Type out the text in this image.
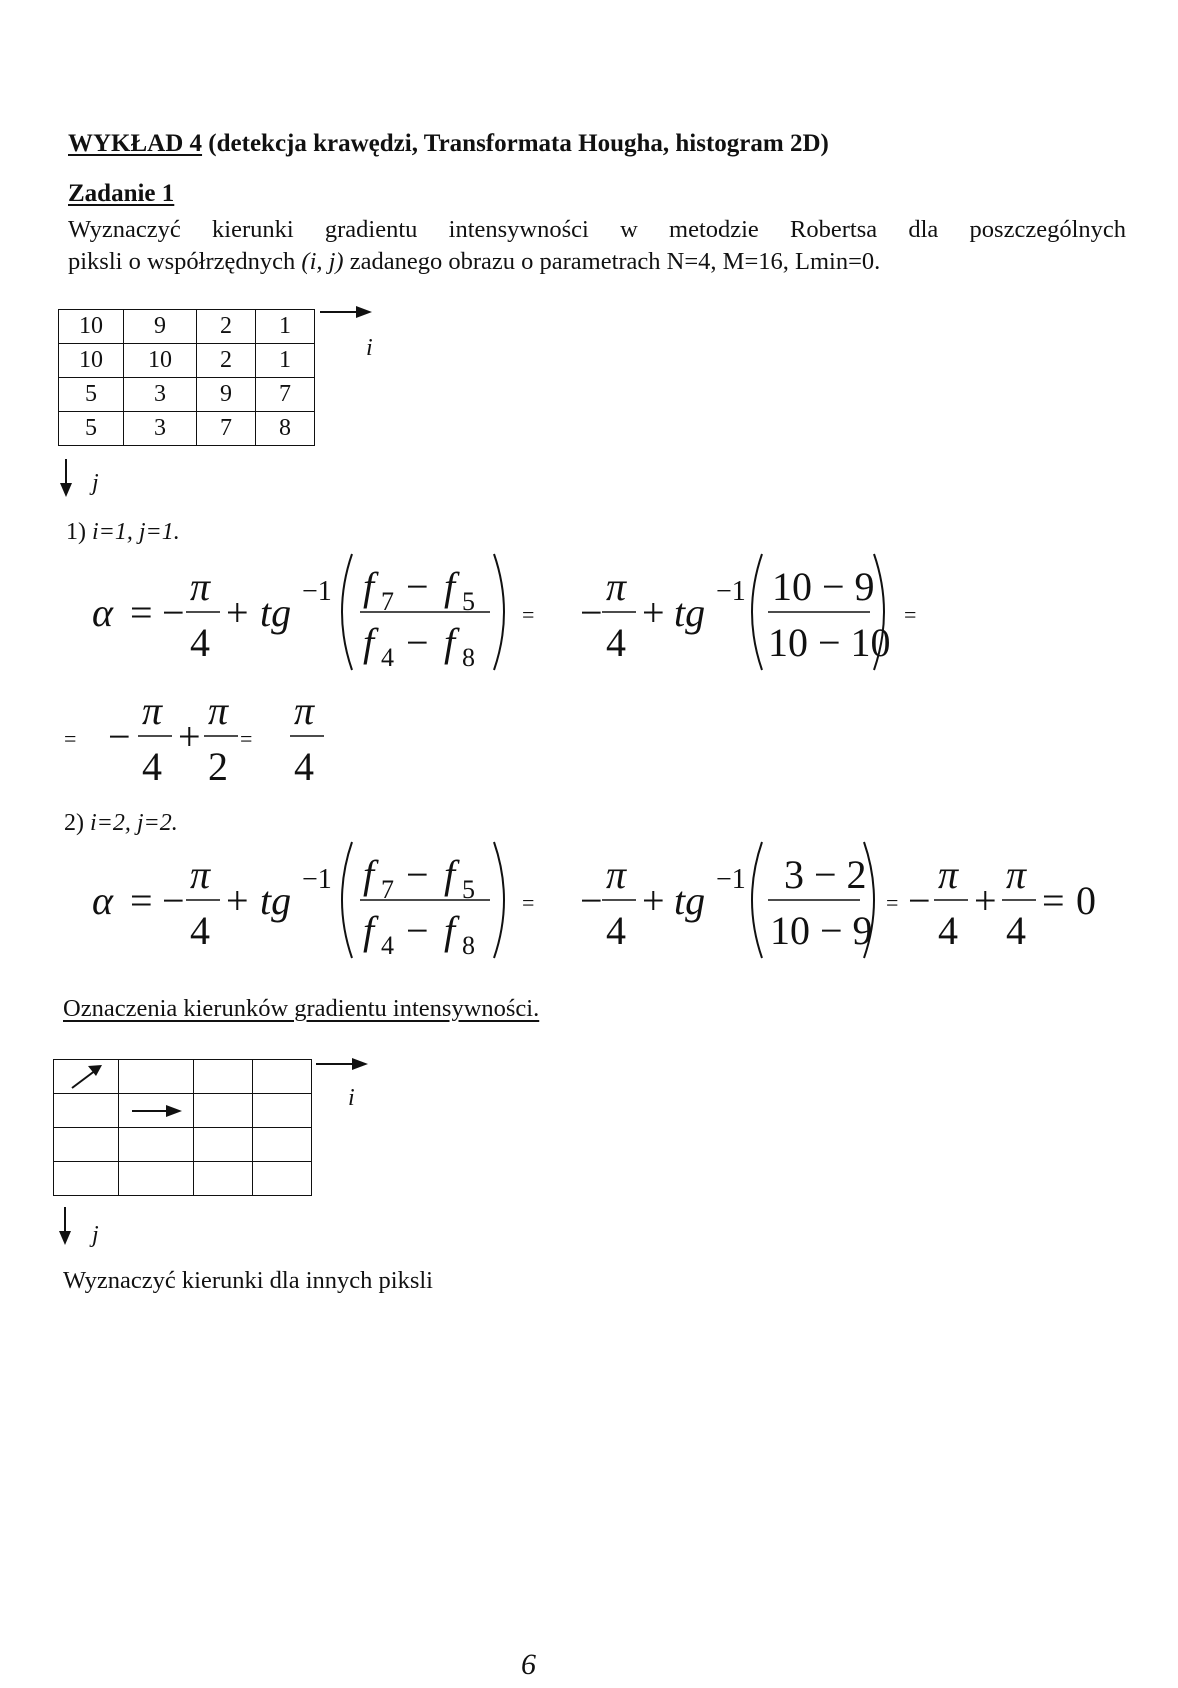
WYKŁAD 4 (detekcja krawędzi, Transformata Hougha, histogram 2D)
Zadanie 1
Wyznaczyć kierunki gradientu intensywności w metodzie Robertsa dla poszczególnych
piksli o współrzędnych (i, j) zadanego obrazu o parametrach N=4, M=16, Lmin=0.
10	9	2	1
10	10	2	1
5	3	9	7
5	3	7	8
i
j
1) i=1, j=1.
α = −
π
4
+ tg −1 f 7 − f 5
f 4 − f 8
= −
π
4
+ tg −1 10 − 9
10 − 10
=
= −
π
4
+
π
2
=
π
4
2) i=2, j=2.
α = −
π
4
+ tg −1 f 7 − f 5
f 4 − f 8
= −
π
4
+ tg −1 3 − 2
10 − 9
= −
π
4
+
π
4
= 0
Oznaczenia kierunków gradientu intensywności.

i
j
Wyznaczyć kierunki dla innych piksli
6
